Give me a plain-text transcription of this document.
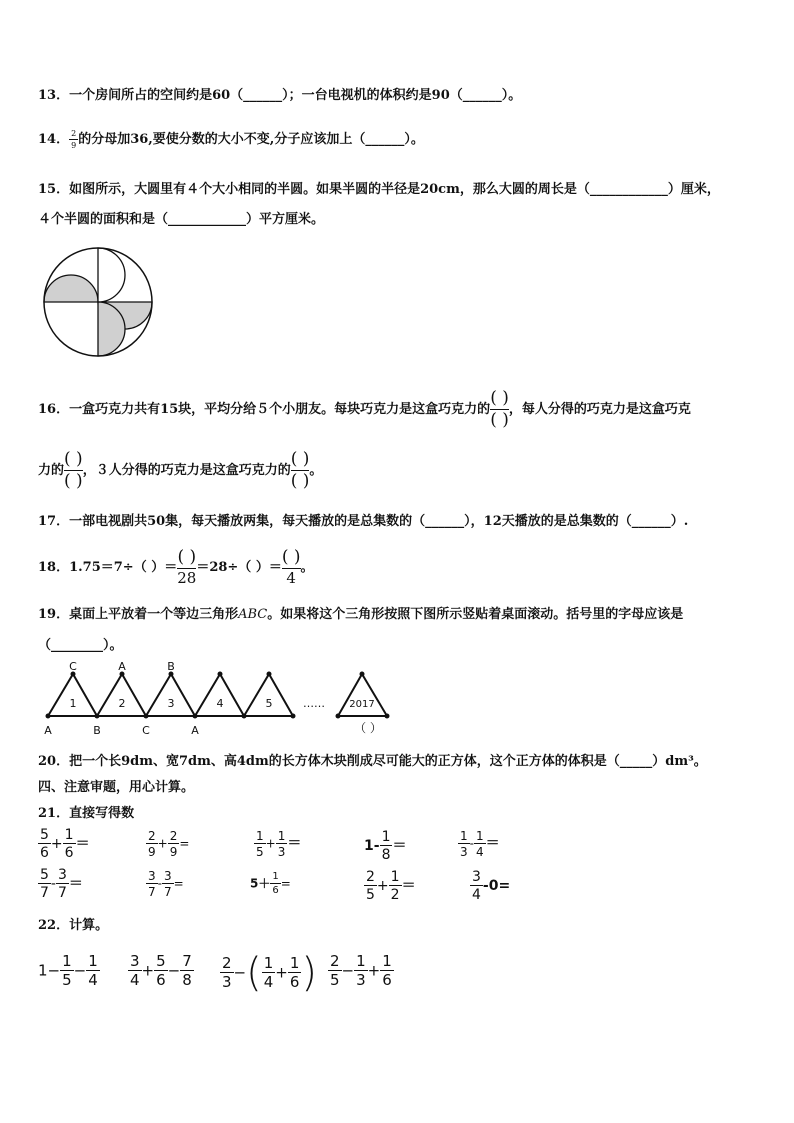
13．一个房间所占的空间约是60（______）；一台电视机的体积约是90（______）。
14． $\frac{2}{9}$ 的分母加36,要使分数的大小不变,分子应该加上（______）。
15．如图所示，大圆里有４个大小相同的半圆。如果半圆的半径是20cm，那么大圆的周长是（____________）厘米，
４个半圆的面积和是（____________）平方厘米。
16．一盒巧克力共有15块，平均分给５个小朋友。每块巧克力是这盒巧克力的 $\frac{( )}{( )}$ ，每人分得的巧克力是这盒巧克
力的 $\frac{( )}{( )}$ ，３人分得的巧克力是这盒巧克力的 $\frac{( )}{( )}$ 。
17．一部电视剧共50集，每天播放两集，每天播放的是总集数的（______），12天播放的是总集数的（______）.
18．1.75＝7÷（ ）＝ $\frac{( )}{28} =28\div$（ ）＝ $\frac{( )}{4}$ 。
19．桌面上平放着一个等边三角形ABC。如果将这个三角形按照下图所示竖贴着桌面滚动。括号里的字母应该是
（________）。
C	A	B
A	B	C	A
1	2	3	4	5	…… 2017
（ ）
20．把一个长9dm、宽7dm、高4dm的长方体木块削成尽可能大的正方体，这个正方体的体积是（_____）dm³。
四、注意审题，用心计算。
21．直接写得数
$\frac{5}{6} + \frac{1}{6}$ ＝	$\frac{2}{9} + \frac{2}{9}$ =	$\frac{1}{5} + \frac{1}{3}$ ＝	$1- \frac{1}{8}$ ＝	$\frac{1}{3} - \frac{1}{4}$ ＝
$\frac{5}{7} - \frac{3}{7}$ ＝	$\frac{3}{7} - \frac{3}{7}$ =	$5+ \frac{1}{6}$ =	$\frac{2}{5} + \frac{1}{2}$ ＝	$\frac{3}{4} -0=$
22．计算。
$1- \frac{1}{5} - \frac{1}{4} \frac{3}{4} + \frac{5}{6} - \frac{7}{8} \frac{2}{3}$ −( $\frac{1}{4} + \frac{1}{6}$ ) $\frac{2}{5} - \frac{1}{3} + \frac{1}{6}$
